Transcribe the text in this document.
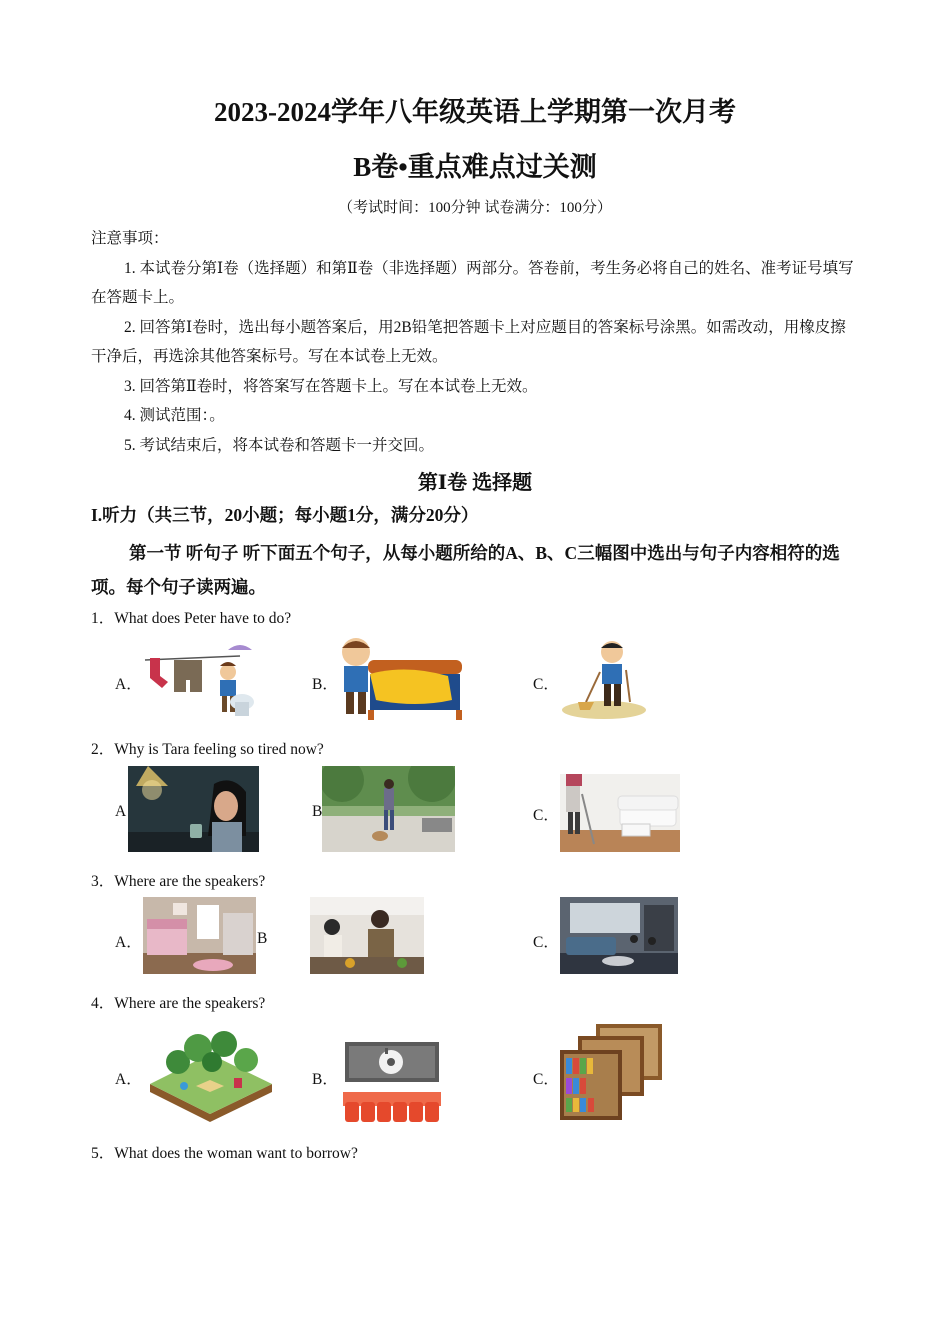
2023-2024学年八年级英语上学期第一次月考
B卷•重点难点过关测
（考试时间：100分钟 试卷满分：100分）

注意事项：

1. 本试卷分第Ⅰ卷（选择题）和第Ⅱ卷（非选择题）两部分。答卷前，考生务必将自己的姓名、准考证号填写在答题卡上。

2. 回答第Ⅰ卷时，选出每小题答案后，用2B铅笔把答题卡上对应题目的答案标号涂黑。如需改动，用橡皮擦干净后，再选涂其他答案标号。写在本试卷上无效。

3. 回答第Ⅱ卷时，将答案写在答题卡上。写在本试卷上无效。

4. 测试范围：。

5. 考试结束后，将本试卷和答题卡一并交回。

第Ⅰ卷 选择题
I.听力（共三节，20小题；每小题1分，满分20分）
第一节 听句子 听下面五个句子，从每小题所给的A、B、C三幅图中选出与句子内容相符的选项。每个句子读两遍。
1．What does Peter have to do?
A．	B．	C．
2．Why is Tara feeling so tired now?
A	B	C．
3．Where are the speakers?
A．	B	C．
4．Where are the speakers?
A．	B．	C．
5．What does the woman want to borrow?
